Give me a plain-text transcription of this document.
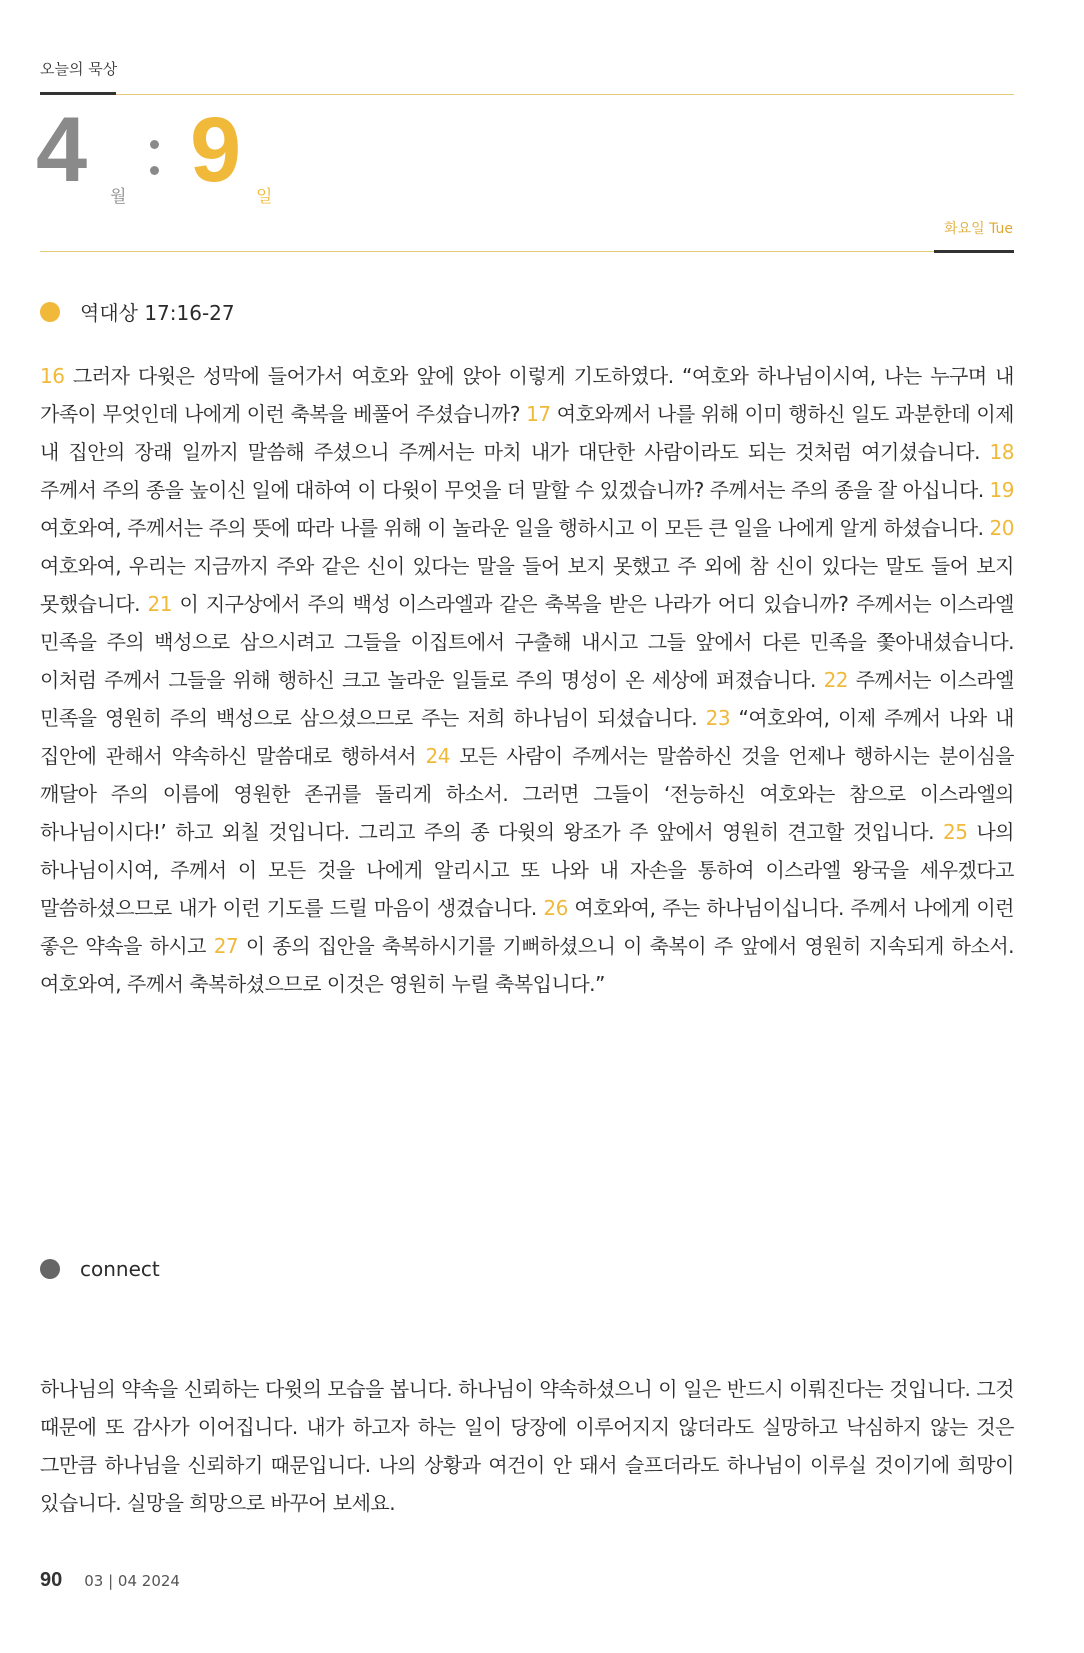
오늘의 묵상
4 월 9 일
화요일 Tue
역대상 17:16-27
16 그러자 다윗은 성막에 들어가서 여호와 앞에 앉아 이렇게 기도하였다. “여호와 하나님이시여, 나는 누구며 내 가족이 무엇인데 나에게 이런 축복을 베풀어 주셨습니까? 17 여호와께서 나를 위해 이미 행하신 일도 과분한데 이제 내 집안의 장래 일까지 말씀해 주셨으니 주께서는 마치 내가 대단한 사람이라도 되는 것처럼 여기셨습니다. 18 주께서 주의 종을 높이신 일에 대하여 이 다윗이 무엇을 더 말할 수 있겠습니까? 주께서는 주의 종을 잘 아십니다. 19 여호와여, 주께서는 주의 뜻에 따라 나를 위해 이 놀라운 일을 행하시고 이 모든 큰 일을 나에게 알게 하셨습니다. 20 여호와여, 우리는 지금까지 주와 같은 신이 있다는 말을 들어 보지 못했고 주 외에 참 신이 있다는 말도 들어 보지 못했습니다. 21 이 지구상에서 주의 백성 이스라엘과 같은 축복을 받은 나라가 어디 있습니까? 주께서는 이스라엘 민족을 주의 백성으로 삼으시려고 그들을 이집트에서 구출해 내시고 그들 앞에서 다른 민족을 쫓아내셨습니다. 이처럼 주께서 그들을 위해 행하신 크고 놀라운 일들로 주의 명성이 온 세상에 퍼졌습니다. 22 주께서는 이스라엘 민족을 영원히 주의 백성으로 삼으셨으므로 주는 저희 하나님이 되셨습니다. 23 “여호와여, 이제 주께서 나와 내 집안에 관해서 약속하신 말씀대로 행하셔서 24 모든 사람이 주께서는 말씀하신 것을 언제나 행하시는 분이심을 깨달아 주의 이름에 영원한 존귀를 돌리게 하소서. 그러면 그들이 ‘전능하신 여호와는 참으로 이스라엘의 하나님이시다!’ 하고 외칠 것입니다. 그리고 주의 종 다윗의 왕조가 주 앞에서 영원히 견고할 것입니다. 25 나의 하나님이시여, 주께서 이 모든 것을 나에게 알리시고 또 나와 내 자손을 통하여 이스라엘 왕국을 세우겠다고 말씀하셨으므로 내가 이런 기도를 드릴 마음이 생겼습니다. 26 여호와여, 주는 하나님이십니다. 주께서 나에게 이런 좋은 약속을 하시고 27 이 종의 집안을 축복하시기를 기뻐하셨으니 이 축복이 주 앞에서 영원히 지속되게 하소서. 여호와여, 주께서 축복하셨으므로 이것은 영원히 누릴 축복입니다.”
connect
하나님의 약속을 신뢰하는 다윗의 모습을 봅니다. 하나님이 약속하셨으니 이 일은 반드시 이뤄진다는 것입니다. 그것 때문에 또 감사가 이어집니다. 내가 하고자 하는 일이 당장에 이루어지지 않더라도 실망하고 낙심하지 않는 것은 그만큼 하나님을 신뢰하기 때문입니다. 나의 상황과 여건이 안 돼서 슬프더라도 하나님이 이루실 것이기에 희망이 있습니다. 실망을 희망으로 바꾸어 보세요.
90 03 | 04 2024
